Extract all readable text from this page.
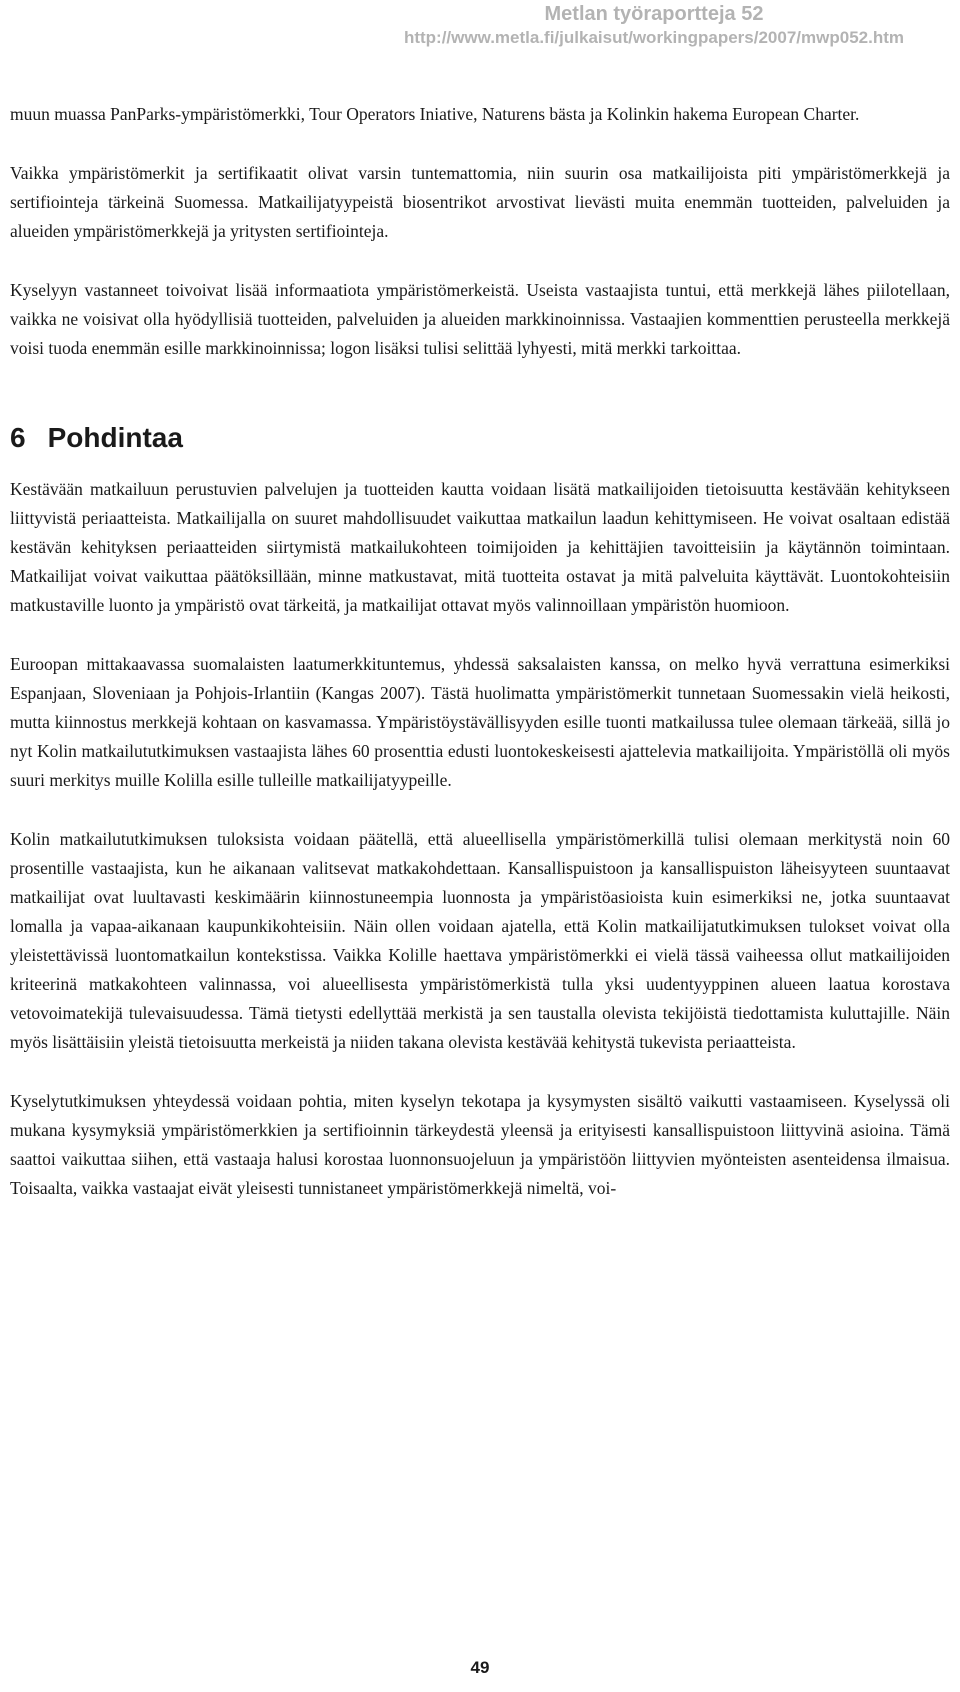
Metlan työraportteja 52
http://www.metla.fi/julkaisut/workingpapers/2007/mwp052.htm

muun muassa PanParks-ympäristömerkki, Tour Operators Iniative, Naturens bästa ja Kolinkin hakema European Charter.

Vaikka ympäristömerkit ja sertifikaatit olivat varsin tuntemattomia, niin suurin osa matkailijoista piti ympäristömerkkejä ja sertifiointeja tärkeinä Suomessa. Matkailijatyypeistä biosentrikot arvostivat lievästi muita enemmän tuotteiden, palveluiden ja alueiden ympäristömerkkejä ja yritysten sertifiointeja.

Kyselyyn vastanneet toivoivat lisää informaatiota ympäristömerkeistä. Useista vastaajista tuntui, että merkkejä lähes piilotellaan, vaikka ne voisivat olla hyödyllisiä tuotteiden, palveluiden ja alueiden markkinoinnissa. Vastaajien kommenttien perusteella merkkejä voisi tuoda enemmän esille markkinoinnissa; logon lisäksi tulisi selittää lyhyesti, mitä merkki tarkoittaa.

6 Pohdintaa

Kestävään matkailuun perustuvien palvelujen ja tuotteiden kautta voidaan lisätä matkailijoiden tietoisuutta kestävään kehitykseen liittyvistä periaatteista. Matkailijalla on suuret mahdollisuudet vaikuttaa matkailun laadun kehittymiseen. He voivat osaltaan edistää kestävän kehityksen periaatteiden siirtymistä matkailukohteen toimijoiden ja kehittäjien tavoitteisiin ja käytännön toimintaan. Matkailijat voivat vaikuttaa päätöksillään, minne matkustavat, mitä tuotteita ostavat ja mitä palveluita käyttävät. Luontokohteisiin matkustaville luonto ja ympäristö ovat tärkeitä, ja matkailijat ottavat myös valinnoillaan ympäristön huomioon.

Euroopan mittakaavassa suomalaisten laatumerkkituntemus, yhdessä saksalaisten kanssa, on melko hyvä verrattuna esimerkiksi Espanjaan, Sloveniaan ja Pohjois-Irlantiin (Kangas 2007). Tästä huolimatta ympäristömerkit tunnetaan Suomessakin vielä heikosti, mutta kiinnostus merkkejä kohtaan on kasvamassa. Ympäristöystävällisyyden esille tuonti matkailussa tulee olemaan tärkeää, sillä jo nyt Kolin matkailututkimuksen vastaajista lähes 60 prosenttia edusti luontokeskeisesti ajattelevia matkailijoita. Ympäristöllä oli myös suuri merkitys muille Kolilla esille tulleille matkailijatyypeille.

Kolin matkailututkimuksen tuloksista voidaan päätellä, että alueellisella ympäristömerkillä tulisi olemaan merkitystä noin 60 prosentille vastaajista, kun he aikanaan valitsevat matkakohdettaan. Kansallispuistoon ja kansallispuiston läheisyyteen suuntaavat matkailijat ovat luultavasti keskimäärin kiinnostuneempia luonnosta ja ympäristöasioista kuin esimerkiksi ne, jotka suuntaavat lomalla ja vapaa-aikanaan kaupunkikohteisiin. Näin ollen voidaan ajatella, että Kolin matkailijatutkimuksen tulokset voivat olla yleistettävissä luontomatkailun kontekstissa. Vaikka Kolille haettava ympäristömerkki ei vielä tässä vaiheessa ollut matkailijoiden kriteerinä matkakohteen valinnassa, voi alueellisesta ympäristömerkistä tulla yksi uudentyyppinen alueen laatua korostava vetovoimatekijä tulevaisuudessa. Tämä tietysti edellyttää merkistä ja sen taustalla olevista tekijöistä tiedottamista kuluttajille. Näin myös lisättäisiin yleistä tietoisuutta merkeistä ja niiden takana olevista kestävää kehitystä tukevista periaatteista.

Kyselytutkimuksen yhteydessä voidaan pohtia, miten kyselyn tekotapa ja kysymysten sisältö vaikutti vastaamiseen. Kyselyssä oli mukana kysymyksiä ympäristömerkkien ja sertifioinnin tärkeydestä yleensä ja erityisesti kansallispuistoon liittyvinä asioina. Tämä saattoi vaikuttaa siihen, että vastaaja halusi korostaa luonnonsuojeluun ja ympäristöön liittyvien myönteisten asenteidensa ilmaisua. Toisaalta, vaikka vastaajat eivät yleisesti tunnistaneet ympäristömerkkejä nimeltä, voi-

49
